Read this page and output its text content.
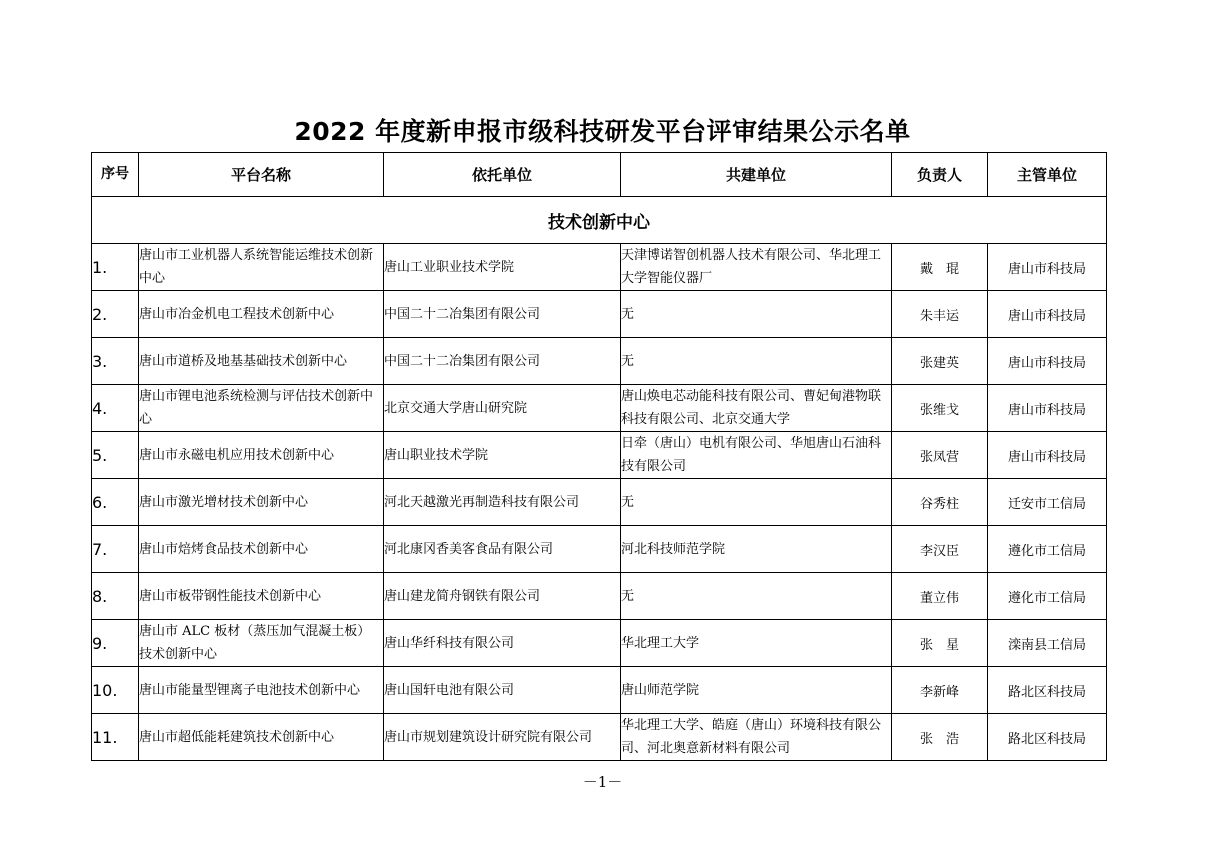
2022 年度新申报市级科技研发平台评审结果公示名单
序号	平台名称	依托单位	共建单位	负责人	主管单位
技术创新中心					
1.	唐山市工业机器人系统智能运维技术创新中心	唐山工业职业技术学院	天津博诺智创机器人技术有限公司、华北理工大学智能仪器厂	戴　琨	唐山市科技局
2.	唐山市冶金机电工程技术创新中心	中国二十二冶集团有限公司	无	朱丰运	唐山市科技局
3.	唐山市道桥及地基基础技术创新中心	中国二十二冶集团有限公司	无	张建英	唐山市科技局
4.	唐山市锂电池系统检测与评估技术创新中心	北京交通大学唐山研究院	唐山焕电芯动能科技有限公司、曹妃甸港物联科技有限公司、北京交通大学	张维戈	唐山市科技局
5.	唐山市永磁电机应用技术创新中心	唐山职业技术学院	日牵（唐山）电机有限公司、华旭唐山石油科技有限公司	张凤营	唐山市科技局
6.	唐山市激光增材技术创新中心	河北天越激光再制造科技有限公司	无	谷秀柱	迁安市工信局
7.	唐山市焙烤食品技术创新中心	河北康冈香美客食品有限公司	河北科技师范学院	李汉臣	遵化市工信局
8.	唐山市板带钢性能技术创新中心	唐山建龙简舟钢铁有限公司	无	董立伟	遵化市工信局
9.	唐山市 ALC 板材（蒸压加气混凝土板）技术创新中心	唐山华纤科技有限公司	华北理工大学	张　星	滦南县工信局
10.	唐山市能量型锂离子电池技术创新中心	唐山国轩电池有限公司	唐山师范学院	李新峰	路北区科技局
11.	唐山市超低能耗建筑技术创新中心	唐山市规划建筑设计研究院有限公司	华北理工大学、皓庭（唐山）环境科技有限公司、河北奥意新材料有限公司	张　浩	路北区科技局
－1－
